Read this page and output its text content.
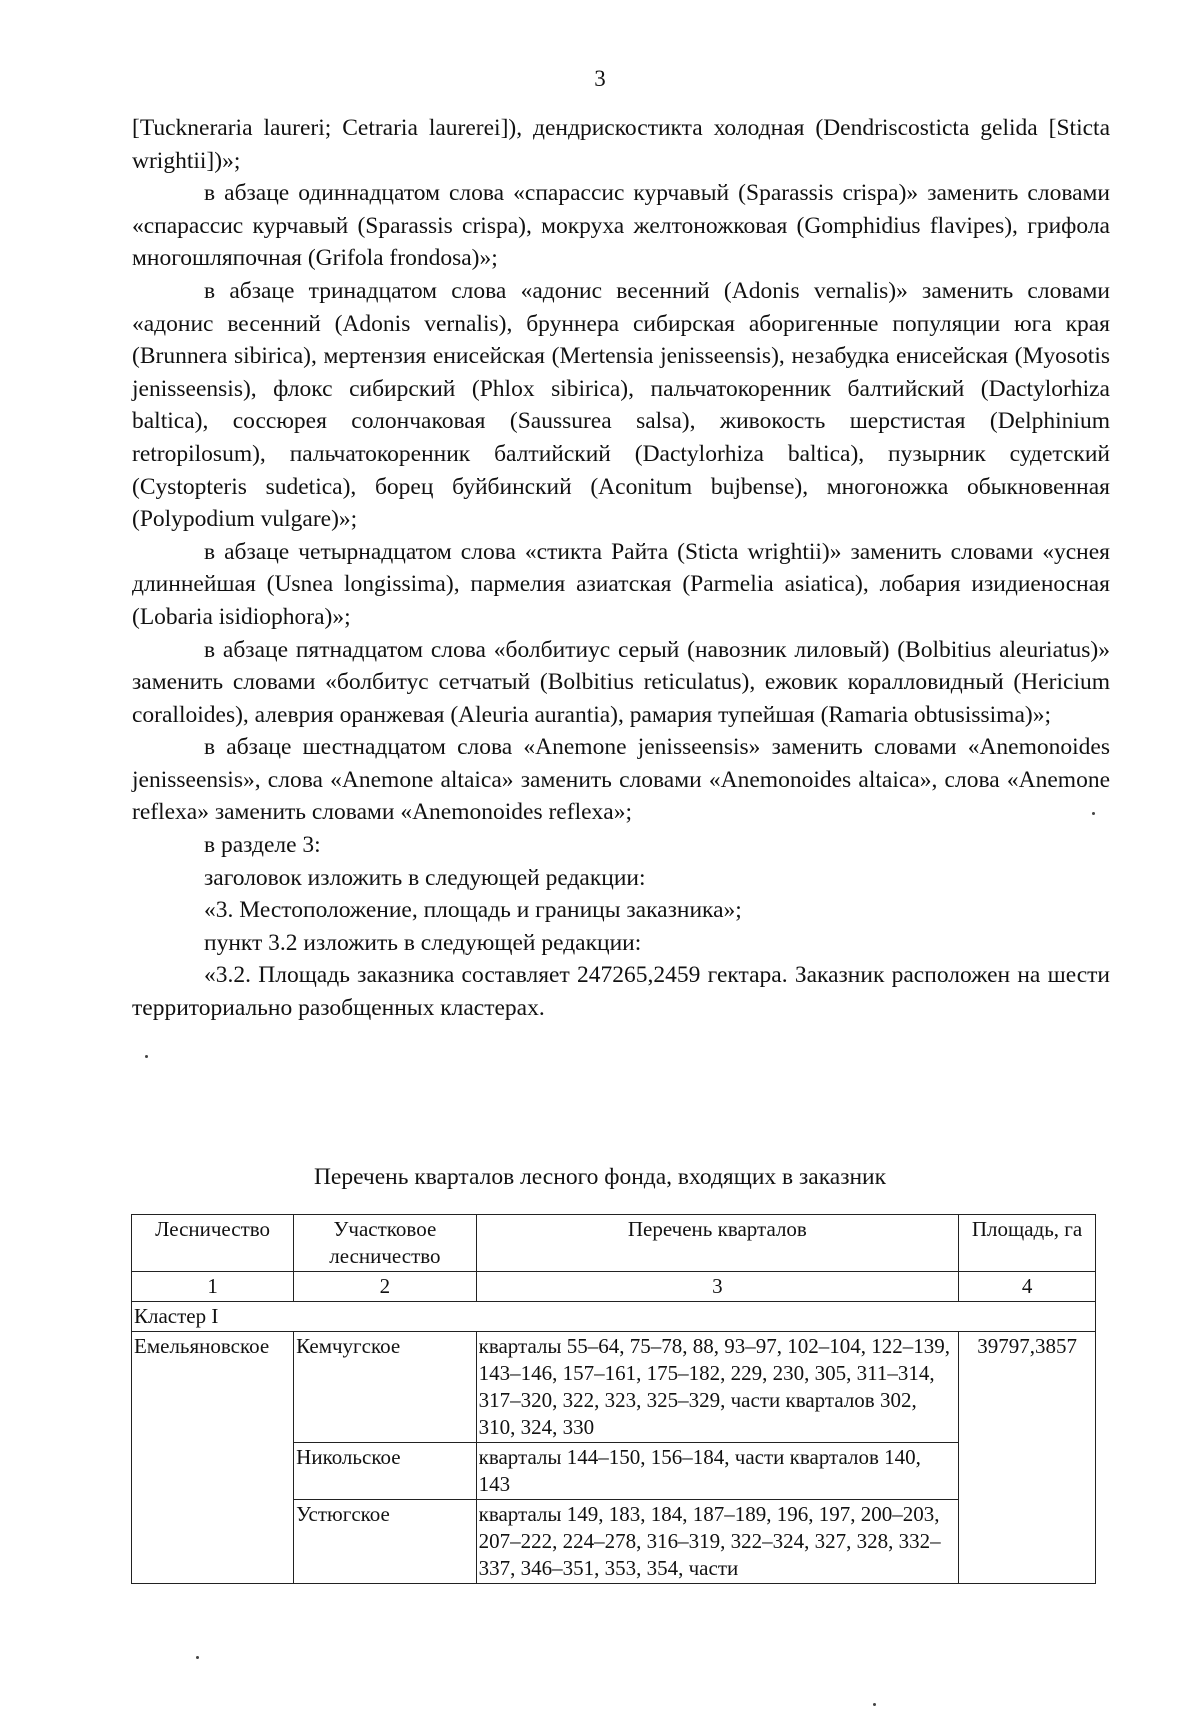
3

[Tuckneraria laureri; Cetraria laurerei]), дендрискостикта холодная (Dendriscosticta gelida [Sticta wrightii])»;

в абзаце одиннадцатом слова «спарассис курчавый (Sparassis crispa)» заменить словами «спарассис курчавый (Sparassis crispa), мокруха желтоножковая (Gomphidius flavipes), грифола многошляпочная (Grifola frondosa)»;

в абзаце тринадцатом слова «адонис весенний (Adonis vernalis)» заменить словами «адонис весенний (Adonis vernalis), бруннера сибирская аборигенные популяции юга края (Brunnera sibirica), мертензия енисейская (Mertensia jenisseensis), незабудка енисейская (Myosotis jenisseensis), флокс сибирский (Phlox sibirica), пальчатокоренник балтийский (Dactylorhiza baltica), соссюрея солончаковая (Saussurea salsa), живокость шерстистая (Delphinium retropilosum), пальчатокоренник балтийский (Dactylorhiza baltica), пузырник судетский (Cystopteris sudetica), борец буйбинский (Aconitum bujbense), многоножка обыкновенная (Polypodium vulgare)»;

в абзаце четырнадцатом слова «стикта Райта (Sticta wrightii)» заменить словами «уснея длиннейшая (Usnea longissima), пармелия азиатская (Parmelia asiatica), лобария изидиеносная (Lobaria isidiophora)»;

в абзаце пятнадцатом слова «болбитиус серый (навозник лиловый) (Bolbitius aleuriatus)» заменить словами «болбитус сетчатый (Bolbitius reticulatus), ежовик коралловидный (Hericium coralloides), алеврия оранжевая (Aleuria aurantia), рамария тупейшая (Ramaria obtusissima)»;

в абзаце шестнадцатом слова «Anemone jenisseensis» заменить словами «Anemonoides jenisseensis», слова «Anemone altaica» заменить словами «Anemonoides altaica», слова «Anemone reflexa» заменить словами «Anemonoides reflexa»;

в разделе 3:

заголовок изложить в следующей редакции:

«3. Местоположение, площадь и границы заказника»;

пункт 3.2 изложить в следующей редакции:

«3.2. Площадь заказника составляет 247265,2459 гектара. Заказник расположен на шести территориально разобщенных кластерах.

Перечень кварталов лесного фонда, входящих в заказник
Лесничество	Участковое лесничество	Перечень кварталов	Площадь, га
1	2	3	4
Кластер I			
Емельяновское	Кемчугское	кварталы 55–64, 75–78, 88, 93–97, 102–104, 122–139, 143–146, 157–161, 175–182, 229, 230, 305, 311–314, 317–320, 322, 323, 325–329, части кварталов 302, 310, 324, 330	39797,3857
	Никольское	кварталы 144–150, 156–184, части кварталов 140, 143	
	Устюгское	кварталы 149, 183, 184, 187–189, 196, 197, 200–203, 207–222, 224–278, 316–319, 322–324, 327, 328, 332–337, 346–351, 353, 354, части	
